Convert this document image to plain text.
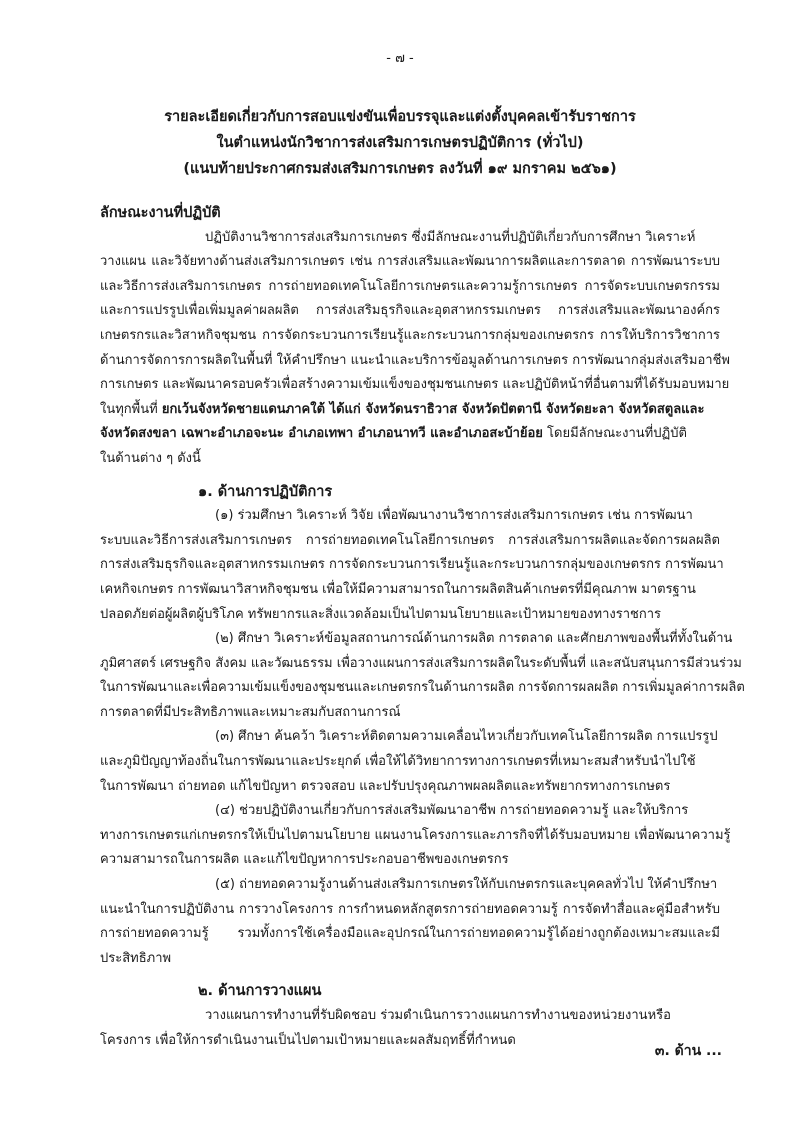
- ๗ -
รายละเอียดเกี่ยวกับการสอบแข่งขันเพื่อบรรจุและแต่งตั้งบุคคลเข้ารับราชการ
ในตำแหน่งนักวิชาการส่งเสริมการเกษตรปฏิบัติการ (ทั่วไป)
(แนบท้ายประกาศกรมส่งเสริมการเกษตร ลงวันที่ ๑๙ มกราคม ๒๕๖๑)
ลักษณะงานที่ปฏิบัติ
ปฏิบัติงานวิชาการส่งเสริมการเกษตร ซึ่งมีลักษณะงานที่ปฏิบัติเกี่ยวกับการศึกษา วิเคราะห์
วางแผน และวิจัยทางด้านส่งเสริมการเกษตร เช่น การส่งเสริมและพัฒนาการผลิตและการตลาด การพัฒนาระบบ
และวิธีการส่งเสริมการเกษตร การถ่ายทอดเทคโนโลยีการเกษตรและความรู้การเกษตร การจัดระบบเกษตรกรรม
และการแปรรูปเพื่อเพิ่มมูลค่าผลผลิต การส่งเสริมธุรกิจและอุตสาหกรรมเกษตร การส่งเสริมและพัฒนาองค์กร
เกษตรกรและวิสาหกิจชุมชน การจัดกระบวนการเรียนรู้และกระบวนการกลุ่มของเกษตรกร การให้บริการวิชาการ
ด้านการจัดการการผลิตในพื้นที่ ให้คำปรึกษา แนะนำและบริการข้อมูลด้านการเกษตร การพัฒนากลุ่มส่งเสริมอาชีพ
การเกษตร และพัฒนาครอบครัวเพื่อสร้างความเข้มแข็งของชุมชนเกษตร และปฏิบัติหน้าที่อื่นตามที่ได้รับมอบหมาย
ในทุกพื้นที่ ยกเว้นจังหวัดชายแดนภาคใต้ ได้แก่ จังหวัดนราธิวาส จังหวัดปัตตานี จังหวัดยะลา จังหวัดสตูลและ
จังหวัดสงขลา เฉพาะอำเภอจะนะ อำเภอเทพา อำเภอนาทวี และอำเภอสะบ้าย้อย โดยมีลักษณะงานที่ปฏิบัติ
ในด้านต่าง ๆ ดังนี้
๑. ด้านการปฏิบัติการ
(๑) ร่วมศึกษา วิเคราะห์ วิจัย เพื่อพัฒนางานวิชาการส่งเสริมการเกษตร เช่น การพัฒนา
ระบบและวิธีการส่งเสริมการเกษตร การถ่ายทอดเทคโนโลยีการเกษตร การส่งเสริมการผลิตและจัดการผลผลิต
การส่งเสริมธุรกิจและอุตสาหกรรมเกษตร การจัดกระบวนการเรียนรู้และกระบวนการกลุ่มของเกษตรกร การพัฒนา
เคหกิจเกษตร การพัฒนาวิสาหกิจชุมชน เพื่อให้มีความสามารถในการผลิตสินค้าเกษตรที่มีคุณภาพ มาตรฐาน
ปลอดภัยต่อผู้ผลิตผู้บริโภค ทรัพยากรและสิ่งแวดล้อมเป็นไปตามนโยบายและเป้าหมายของทางราชการ
(๒) ศึกษา วิเคราะห์ข้อมูลสถานการณ์ด้านการผลิต การตลาด และศักยภาพของพื้นที่ทั้งในด้าน
ภูมิศาสตร์ เศรษฐกิจ สังคม และวัฒนธรรม เพื่อวางแผนการส่งเสริมการผลิตในระดับพื้นที่ และสนับสนุนการมีส่วนร่วม
ในการพัฒนาและเพื่อความเข้มแข็งของชุมชนและเกษตรกรในด้านการผลิต การจัดการผลผลิต การเพิ่มมูลค่าการผลิต
การตลาดที่มีประสิทธิภาพและเหมาะสมกับสถานการณ์
(๓) ศึกษา ค้นคว้า วิเคราะห์ติดตามความเคลื่อนไหวเกี่ยวกับเทคโนโลยีการผลิต การแปรรูป
และภูมิปัญญาท้องถิ่นในการพัฒนาและประยุกต์ เพื่อให้ได้วิทยาการทางการเกษตรที่เหมาะสมสำหรับนำไปใช้
ในการพัฒนา ถ่ายทอด แก้ไขปัญหา ตรวจสอบ และปรับปรุงคุณภาพผลผลิตและทรัพยากรทางการเกษตร
(๔) ช่วยปฏิบัติงานเกี่ยวกับการส่งเสริมพัฒนาอาชีพ การถ่ายทอดความรู้ และให้บริการ
ทางการเกษตรแก่เกษตรกรให้เป็นไปตามนโยบาย แผนงานโครงการและภารกิจที่ได้รับมอบหมาย เพื่อพัฒนาความรู้
ความสามารถในการผลิต และแก้ไขปัญหาการประกอบอาชีพของเกษตรกร
(๕) ถ่ายทอดความรู้งานด้านส่งเสริมการเกษตรให้กับเกษตรกรและบุคคลทั่วไป ให้คำปรึกษา
แนะนำในการปฏิบัติงาน การวางโครงการ การกำหนดหลักสูตรการถ่ายทอดความรู้ การจัดทำสื่อและคู่มือสำหรับ
การถ่ายทอดความรู้ รวมทั้งการใช้เครื่องมือและอุปกรณ์ในการถ่ายทอดความรู้ได้อย่างถูกต้องเหมาะสมและมี
ประสิทธิภาพ
๒. ด้านการวางแผน
วางแผนการทำงานที่รับผิดชอบ ร่วมดำเนินการวางแผนการทำงานของหน่วยงานหรือ
โครงการ เพื่อให้การดำเนินงานเป็นไปตามเป้าหมายและผลสัมฤทธิ์ที่กำหนด
๓. ด้าน ...
